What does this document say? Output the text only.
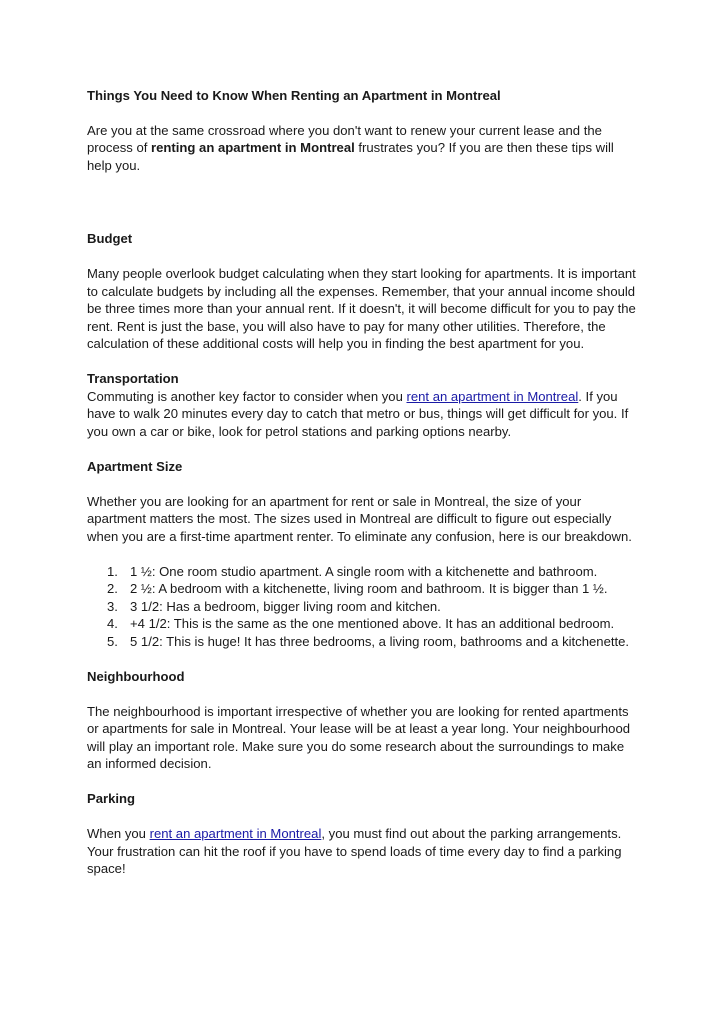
Things You Need to Know When Renting an Apartment in Montreal

Are you at the same crossroad where you don't want to renew your current lease and the process of renting an apartment in Montreal frustrates you? If you are then these tips will help you.

Budget

Many people overlook budget calculating when they start looking for apartments. It is important to calculate budgets by including all the expenses. Remember, that your annual income should be three times more than your annual rent. If it doesn't, it will become difficult for you to pay the rent. Rent is just the base, you will also have to pay for many other utilities. Therefore, the calculation of these additional costs will help you in finding the best apartment for you.

Transportation

Commuting is another key factor to consider when you rent an apartment in Montreal. If you have to walk 20 minutes every day to catch that metro or bus, things will get difficult for you. If you own a car or bike, look for petrol stations and parking options nearby.

Apartment Size

Whether you are looking for an apartment for rent or sale in Montreal, the size of your apartment matters the most. The sizes used in Montreal are difficult to figure out especially when you are a first-time apartment renter. To eliminate any confusion, here is our breakdown.

1. 1 ½: One room studio apartment. A single room with a kitchenette and bathroom.
2. 2 ½: A bedroom with a kitchenette, living room and bathroom. It is bigger than 1 ½.
3. 3 1/2: Has a bedroom, bigger living room and kitchen.
4. +4 1/2: This is the same as the one mentioned above. It has an additional bedroom.
5. 5 1/2: This is huge! It has three bedrooms, a living room, bathrooms and a kitchenette.

Neighbourhood

The neighbourhood is important irrespective of whether you are looking for rented apartments or apartments for sale in Montreal. Your lease will be at least a year long. Your neighbourhood will play an important role. Make sure you do some research about the surroundings to make an informed decision.

Parking

When you rent an apartment in Montreal, you must find out about the parking arrangements. Your frustration can hit the roof if you have to spend loads of time every day to find a parking space!
